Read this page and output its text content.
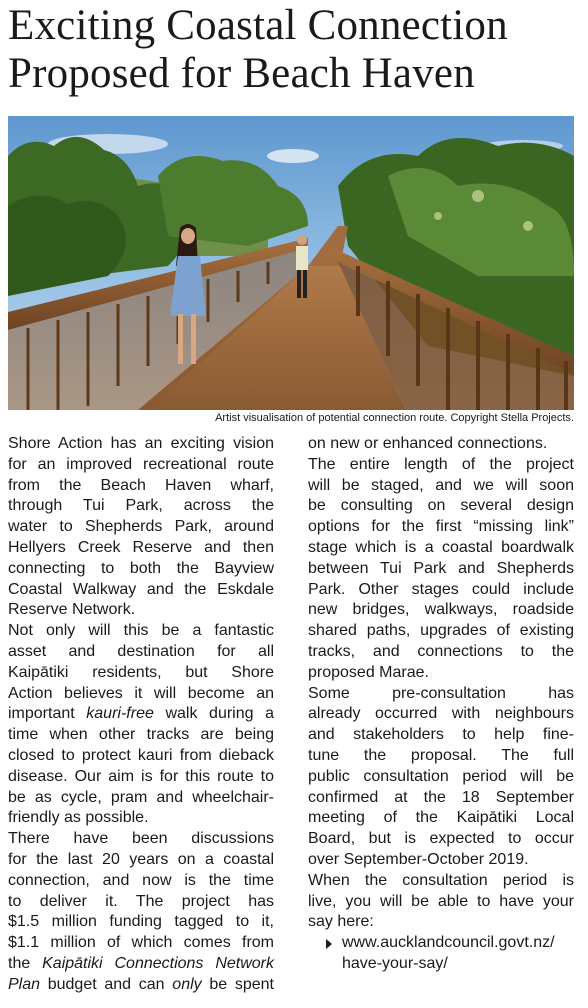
Exciting Coastal Connection
Proposed for Beach Haven
Artist visualisation of potential connection route. Copyright Stella Projects.

Shore Action has an exciting vision
for an improved recreational route
from the Beach Haven wharf,
through Tui Park, across the
water to Shepherds Park, around
Hellyers Creek Reserve and then
connecting to both the Bayview
Coastal Walkway and the Eskdale
Reserve Network.

Not only will this be a fantastic
asset and destination for all
Kaipātiki residents, but Shore
Action believes it will become an
important kauri-free walk during a
time when other tracks are being
closed to protect kauri from dieback
disease. Our aim is for this route to
be as cycle, pram and wheelchair-
friendly as possible.

There have been discussions
for the last 20 years on a coastal
connection, and now is the time
to deliver it. The project has
$1.5 million funding tagged to it,
$1.1 million of which comes from
the Kaipātiki Connections Network
Plan budget and can only be spent

on new or enhanced connections.

The entire length of the project
will be staged, and we will soon
be consulting on several design
options for the first “missing link”
stage which is a coastal boardwalk
between Tui Park and Shepherds
Park. Other stages could include
new bridges, walkways, roadside
shared paths, upgrades of existing
tracks, and connections to the
proposed Marae.

Some pre-consultation has
already occurred with neighbours
and stakeholders to help fine-
tune the proposal. The full
public consultation period will be
confirmed at the 18 September
meeting of the Kaipātiki Local
Board, but is expected to occur
over September-October 2019.

When the consultation period is
live, you will be able to have your
say here:

www.aucklandcouncil.govt.nz/
have-your-say/
